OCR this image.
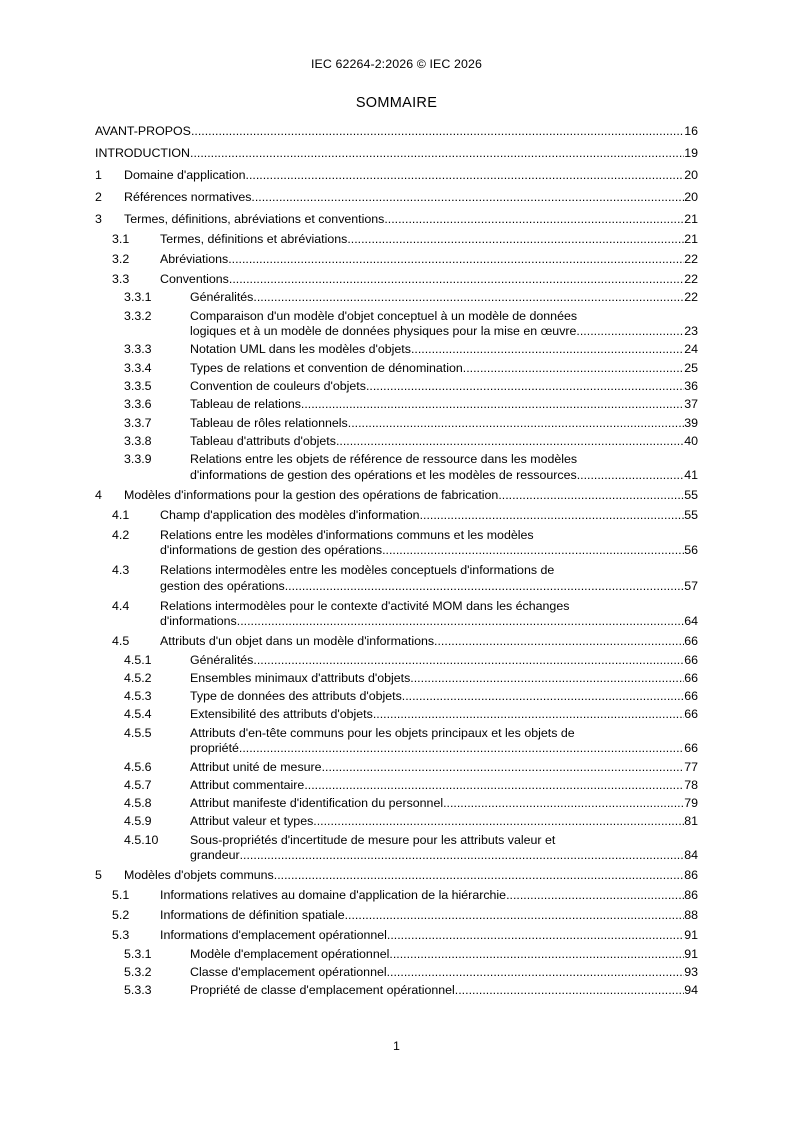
IEC 62264-2:2026 © IEC 2026
SOMMAIRE
AVANT-PROPOS .....	16
INTRODUCTION .....	19
1 Domaine d'application .....	20
2 Références normatives .....	20
3 Termes, définitions, abréviations et conventions .....	21
3.1 Termes, définitions et abréviations .....	21
3.2 Abréviations .....	22
3.3 Conventions .....	22
3.3.1	Généralités .....	22
3.3.2	Comparaison d'un modèle d'objet conceptuel à un modèle de données
logiques et à un modèle de données physiques pour la mise en œuvre .....	23
3.3.3	Notation UML dans les modèles d'objets .....	24
3.3.4	Types de relations et convention de dénomination .....	25
3.3.5	Convention de couleurs d'objets .....	36
3.3.6	Tableau de relations .....	37
3.3.7	Tableau de rôles relationnels .....	39
3.3.8	Tableau d'attributs d'objets .....	40
3.3.9	Relations entre les objets de référence de ressource dans les modèles
d'informations de gestion des opérations et les modèles de ressources .....	41
4 Modèles d'informations pour la gestion des opérations de fabrication .....	55
4.1 Champ d'application des modèles d'information .....	55
4.2 Relations entre les modèles d'informations communs et les modèles
d'informations de gestion des opérations .....	56
4.3 Relations intermodèles entre les modèles conceptuels d'informations de
gestion des opérations .....	57
4.4 Relations intermodèles pour le contexte d'activité MOM dans les échanges
d'informations .....	64
4.5 Attributs d'un objet dans un modèle d'informations .....	66
4.5.1	Généralités .....	66
4.5.2	Ensembles minimaux d'attributs d'objets .....	66
4.5.3	Type de données des attributs d'objets .....	66
4.5.4	Extensibilité des attributs d'objets .....	66
4.5.5	Attributs d'en-tête communs pour les objets principaux et les objets de
propriété .....	66
4.5.6	Attribut unité de mesure .....	77
4.5.7	Attribut commentaire .....	78
4.5.8	Attribut manifeste d'identification du personnel .....	79
4.5.9	Attribut valeur et types .....	81
4.5.10	Sous-propriétés d'incertitude de mesure pour les attributs valeur et
grandeur .....	84
5 Modèles d'objets communs .....	86
5.1 Informations relatives au domaine d'application de la hiérarchie .....	86
5.2 Informations de définition spatiale .....	88
5.3 Informations d'emplacement opérationnel .....	91
5.3.1	Modèle d'emplacement opérationnel .....	91
5.3.2	Classe d'emplacement opérationnel .....	93
5.3.3	Propriété de classe d'emplacement opérationnel .....	94
1
